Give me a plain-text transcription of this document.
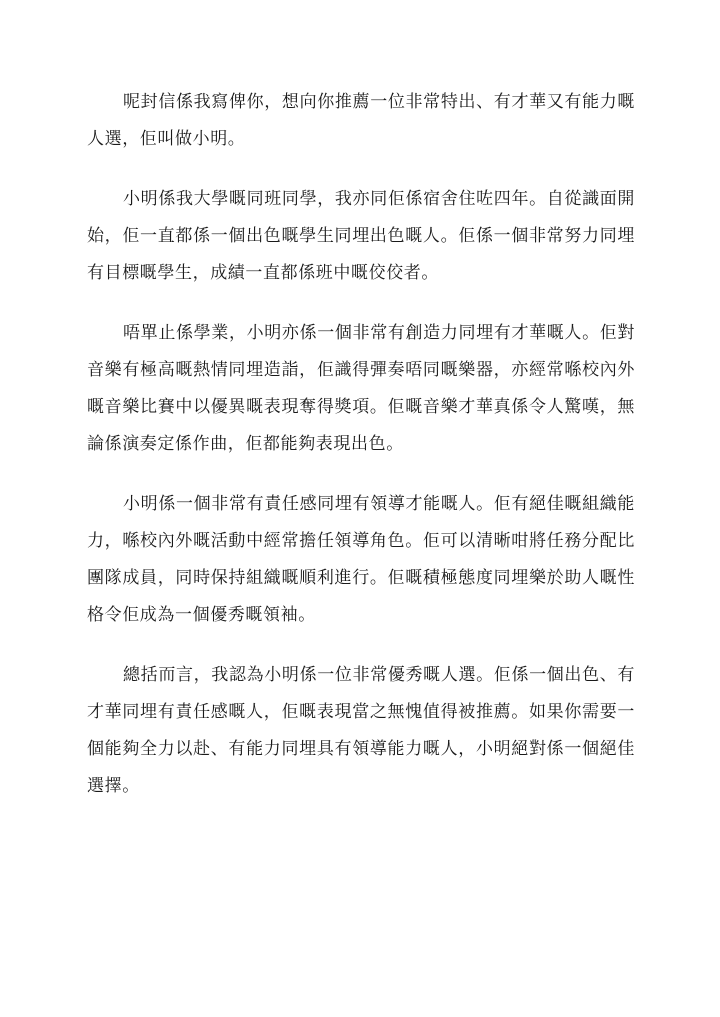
呢封信係我寫俾你，想向你推薦一位非常特出、有才華又有能力嘅人選，佢叫做小明。

小明係我大學嘅同班同學，我亦同佢係宿舍住咗四年。自從識面開始，佢一直都係一個出色嘅學生同埋出色嘅人。佢係一個非常努力同埋有目標嘅學生，成績一直都係班中嘅佼佼者。

唔單止係學業，小明亦係一個非常有創造力同埋有才華嘅人。佢對音樂有極高嘅熱情同埋造詣，佢識得彈奏唔同嘅樂器，亦經常喺校內外嘅音樂比賽中以優異嘅表現奪得獎項。佢嘅音樂才華真係令人驚嘆，無論係演奏定係作曲，佢都能夠表現出色。

小明係一個非常有責任感同埋有領導才能嘅人。佢有絕佳嘅組織能力，喺校內外嘅活動中經常擔任領導角色。佢可以清晰咁將任務分配比團隊成員，同時保持組織嘅順利進行。佢嘅積極態度同埋樂於助人嘅性格令佢成為一個優秀嘅領袖。

總括而言，我認為小明係一位非常優秀嘅人選。佢係一個出色、有才華同埋有責任感嘅人，佢嘅表現當之無愧值得被推薦。如果你需要一個能夠全力以赴、有能力同埋具有領導能力嘅人，小明絕對係一個絕佳選擇。
